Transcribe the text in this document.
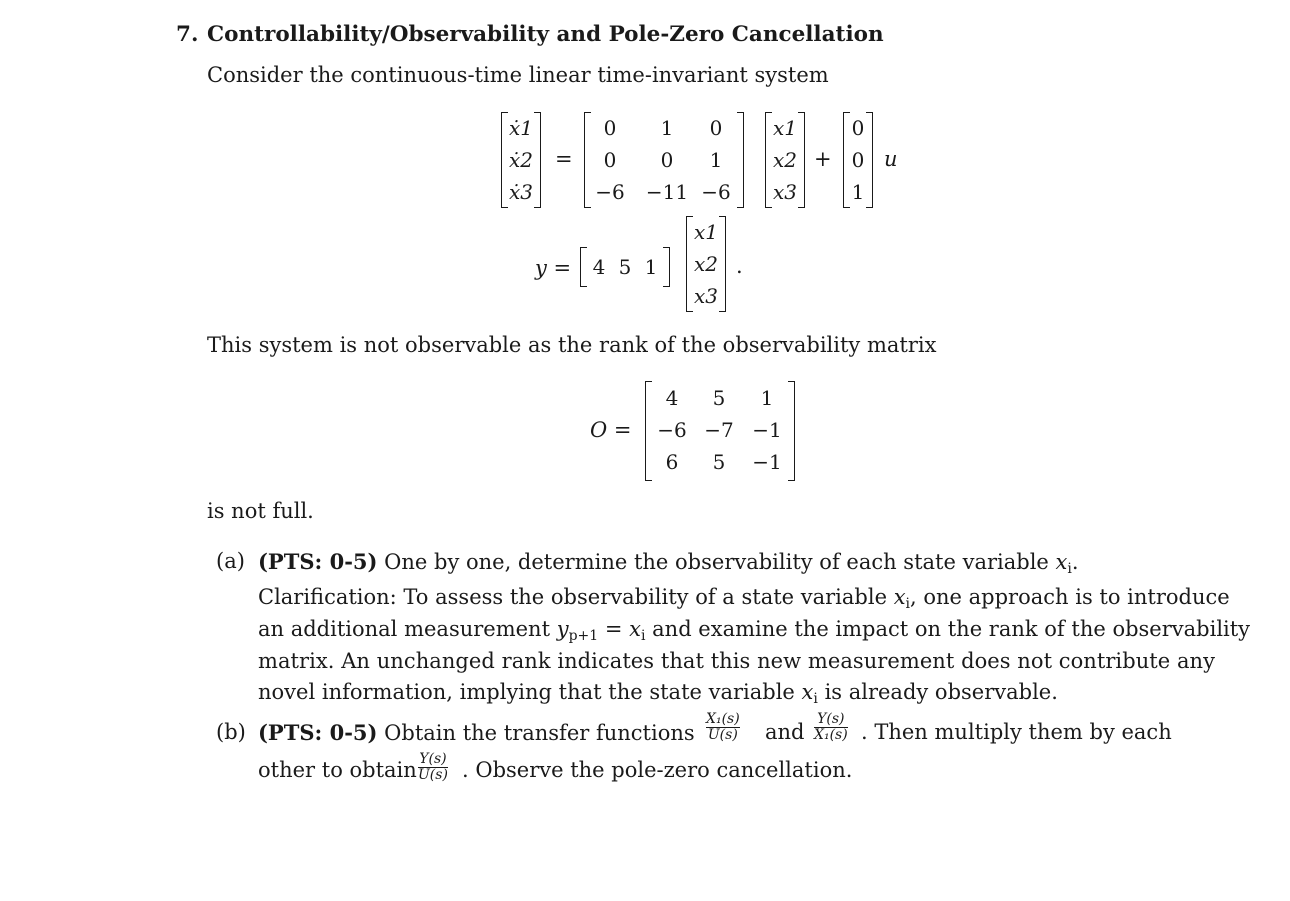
7. Controllability/Observability and Pole-Zero Cancellation
Consider the continuous-time linear time-invariant system
ẋ1
ẋ2
ẋ3
=
0	1	0
0	0	1
−6 −11 −6
x1
x2
x3
+
0
0
1
u
y =	4 5 1
x1
x2
x3
.
This system is not observable as the rank of the observability matrix
O =
4	5	1
−6 −7 −1
6	5	−1
is not full.
(a) (PTS: 0-5) One by one, determine the observability of each state variable $x_i$.
Clarification: To assess the observability of a state variable $x_i$, one approach is to introduce
an additional measurement $y_{p+1} = x_i$ and examine the impact on the rank of the observability
matrix. An unchanged rank indicates that this new measurement does not contribute any
novel information, implying that the state variable $x_i$ is already observable.
(b) (PTS: 0-5) Obtain the transfer functions $\frac{\text{X₁(s)}}{U(s)}$ and $\frac{Y(s)}{\text{X₁(s)}}$ . Then multiply them by each
other to obtain $\frac{Y(s)}{U(s)}$ . Observe the pole-zero cancellation.
